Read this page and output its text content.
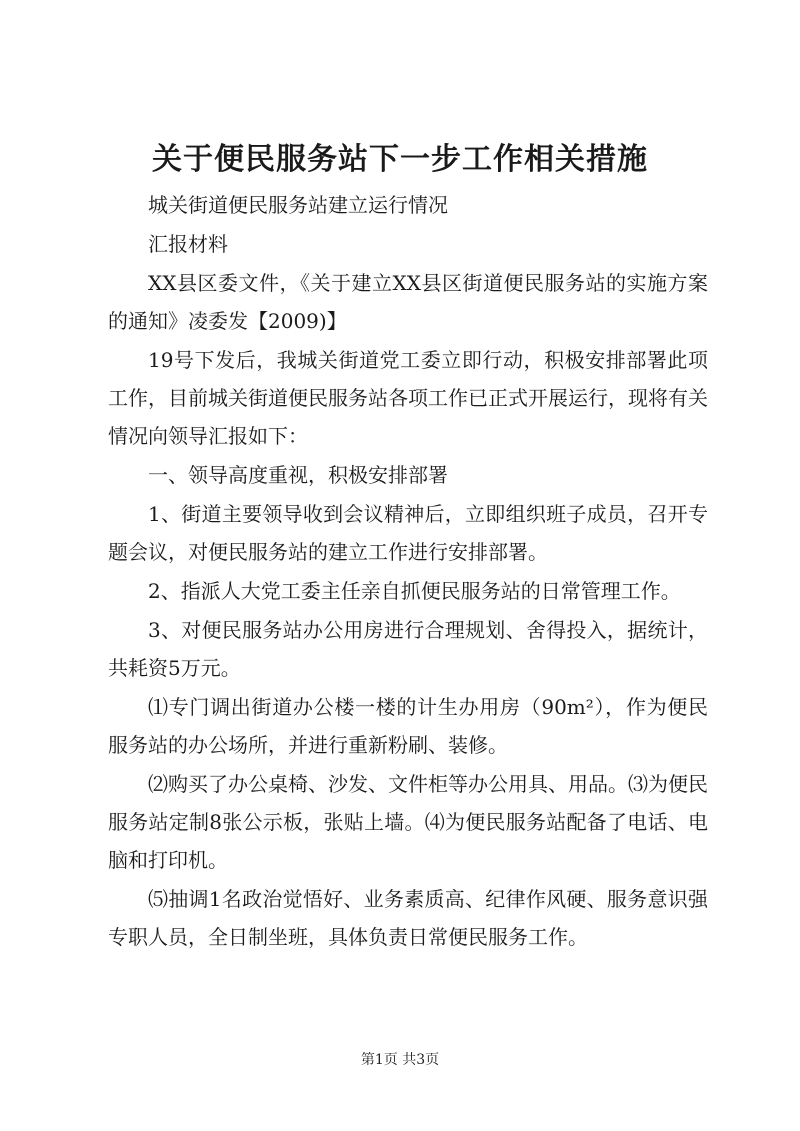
关于便民服务站下一步工作相关措施

城关街道便民服务站建立运行情况

汇报材料

XX县区委文件，《关于建立XX县区街道便民服务站的实施方案的通知》凌委发【2009)】

19号下发后，我城关街道党工委立即行动，积极安排部署此项工作，目前城关街道便民服务站各项工作已正式开展运行，现将有关情况向领导汇报如下：

一、领导高度重视，积极安排部署

1、街道主要领导收到会议精神后，立即组织班子成员，召开专题会议，对便民服务站的建立工作进行安排部署。

2、指派人大党工委主任亲自抓便民服务站的日常管理工作。

3、对便民服务站办公用房进行合理规划、舍得投入，据统计，共耗资5万元。

⑴专门调出街道办公楼一楼的计生办用房（90m²），作为便民服务站的办公场所，并进行重新粉刷、装修。

⑵购买了办公桌椅、沙发、文件柜等办公用具、用品。⑶为便民服务站定制8张公示板，张贴上墙。⑷为便民服务站配备了电话、电脑和打印机。

⑸抽调1名政治觉悟好、业务素质高、纪律作风硬、服务意识强专职人员，全日制坐班，具体负责日常便民服务工作。

第1页 共3页
